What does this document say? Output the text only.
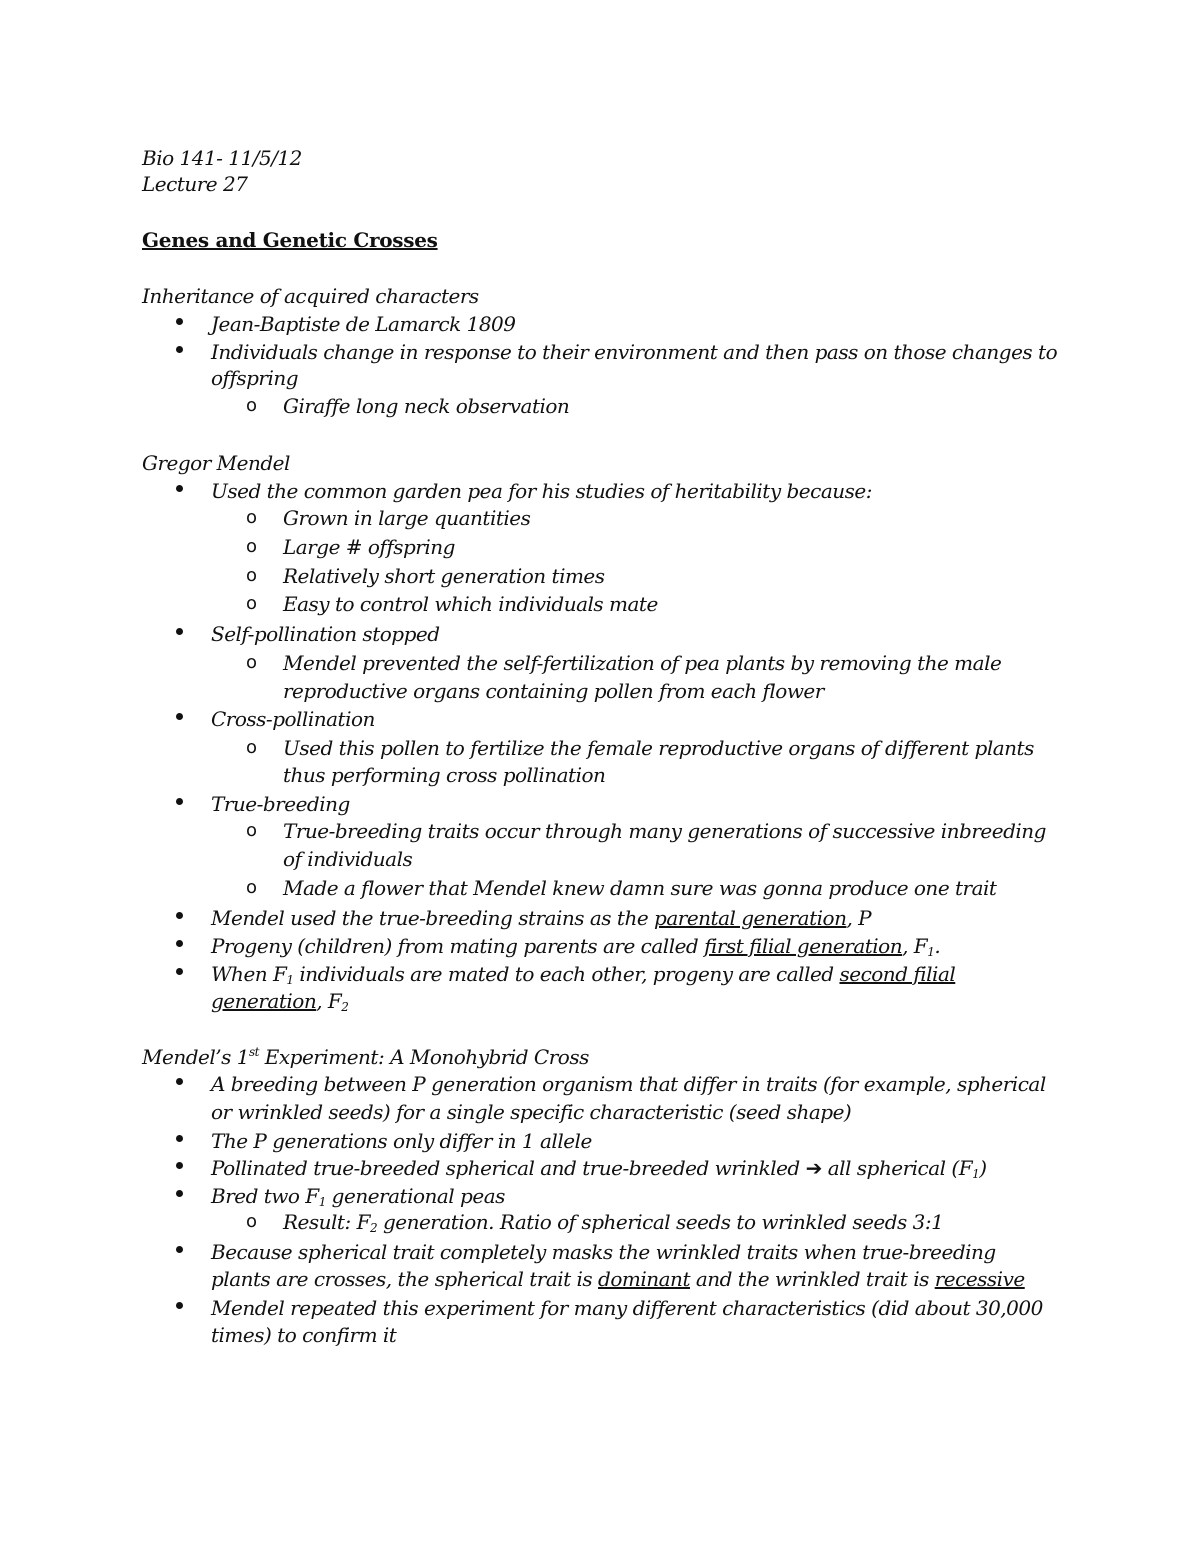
Bio 141- 11/5/12
Lecture 27
Genes and Genetic Crosses
Inheritance of acquired characters
Jean-Baptiste de Lamarck 1809
Individuals change in response to their environment and then pass on those changes to
offspring
o Giraffe long neck observation
Gregor Mendel
Used the common garden pea for his studies of heritability because:
o Grown in large quantities
o Large # offspring
o Relatively short generation times
o Easy to control which individuals mate
Self-pollination stopped
o Mendel prevented the self-fertilization of pea plants by removing the male
reproductive organs containing pollen from each flower
Cross-pollination
o Used this pollen to fertilize the female reproductive organs of different plants
thus performing cross pollination
True-breeding
o True-breeding traits occur through many generations of successive inbreeding
of individuals
o Made a flower that Mendel knew damn sure was gonna produce one trait
Mendel used the true-breeding strains as the parental generation, P
Progeny (children) from mating parents are called first filial generation, $F_1$.
When $F_1$ individuals are mated to each other, progeny are called second filial
generation, $F_2$
Mendel’s 1st Experiment: A Monohybrid Cross
A breeding between P generation organism that differ in traits (for example, spherical
or wrinkled seeds) for a single specific characteristic (seed shape)
The P generations only differ in 1 allele
Pollinated true-breeded spherical and true-breeded wrinkled ➔ all spherical $(F_1)$
Bred two $F_1$ generational peas
o Result: $F_2$ generation. Ratio of spherical seeds to wrinkled seeds 3:1
Because spherical trait completely masks the wrinkled traits when true-breeding
plants are crosses, the spherical trait is dominant and the wrinkled trait is recessive
Mendel repeated this experiment for many different characteristics (did about 30,000
times) to confirm it
